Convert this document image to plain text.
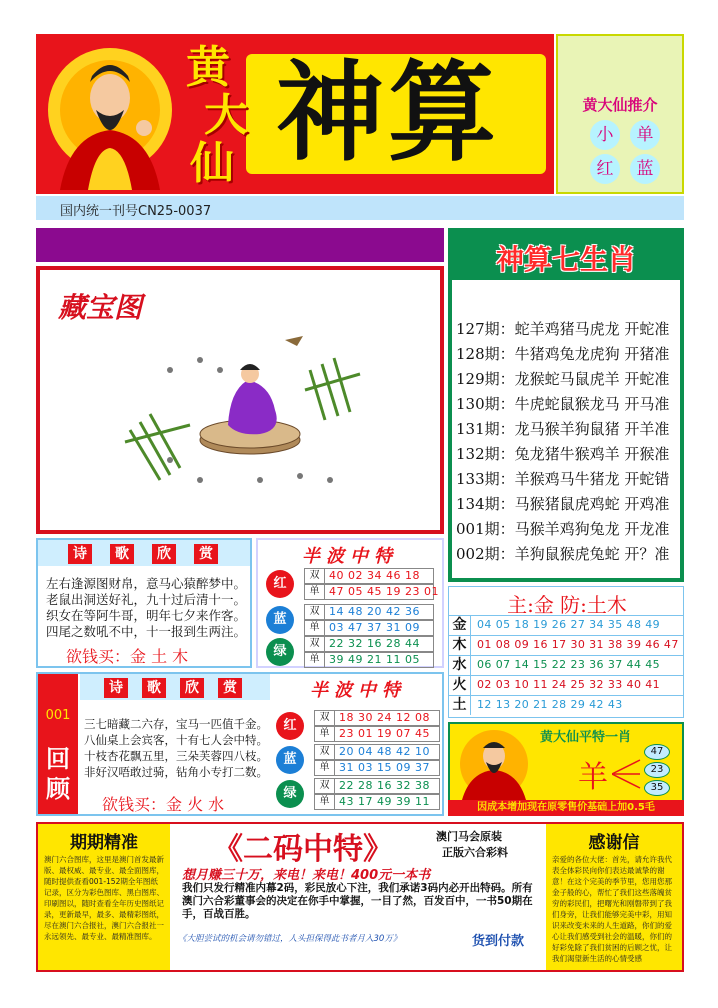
黄
大
仙 神算	黄大仙推介
小	单
红	蓝
国内统一刊号CN25-0037
藏宝图
神算七生肖
127期：蛇羊鸡猪马虎龙 开蛇准
128期：牛猪鸡兔龙虎狗 开猪准
129期：龙猴蛇马鼠虎羊 开蛇准
130期：牛虎蛇鼠猴龙马 开马准
131期：龙马猴羊狗鼠猪 开羊准
132期：兔龙猪牛猴鸡羊 开猴准
133期：羊猴鸡马牛猪龙 开蛇错
134期：马猴猪鼠虎鸡蛇 开鸡准
001期：马猴羊鸡狗兔龙 开龙准
002期：羊狗鼠猴虎兔蛇 开？准
诗	歌	欣	赏
左右逢源图财帛，意马心猿醉梦中。
老鼠出洞送好礼，九十过后清十一。
织女在等阿牛哥，明年七夕来作客。
四尾之数吼不中，十一报到生两注。
欲钱买：金 土 木
半波中特
红
双 40 02 34 46 18
单 47 05 45 19 23 01
蓝
双 14 48 20 42 36
单 03 47 37 31 09
绿
双 22 32 16 28 44
单 39 49 21 11 05
主:金 防:土木
金 04 05 18 19 26 27 34 35 48 49
木 01 08 09 16 17 30 31 38 39 46 47
水 06 07 14 15 22 23 36 37 44 45
火 02 03 10 11 24 25 32 33 40 41
土 12 13 20 21 28 29 42 43
001
回顾
诗	歌	欣	赏
三七暗藏二六存，宝马一匹值千金。
八仙桌上会宾客，十有七人会中特。
十枝杏花飘五里，三朵芙蓉四八枝。
非好汉唔敢过骑，钻角小专打二数。
欲钱买：金 火 水
半波中特
红
双 18 30 24 12 08
单 23 01 19 07 45
蓝
双 20 04 48 42 10
单 31 03 15 09 37
绿
双 22 28 16 32 38
单 43 17 49 39 11
黄大仙平特一肖
羊
47
23
35
因成本增加现在原零售价基础上加0.5毛
期期精准
澳门六合图库，这里是澳门首发最新版、最权威、最专业、最全面图库，随时提供查看001-152期全年图纸记录，区分为彩色图库、黑白图库、印刷图以，随时查看全年历史图纸记录，更新最早，最多、最精彩图纸，尽在澳门六合报社，澳门六合报社一永远领先、最专业、最精准图库。
《二码中特》	澳门马会原装
正版六合彩料
想月赚三十万，来电！来电！400元一本书
我们只发行精准内幕2码，彩民放心下注，我们承诺3码内必开出特码。所有澳门六合彩董事会的决定在你手中掌握，一目了然，百发百中，一书50期在手，百战百胜。
《大胆尝试的机会请勿错过，人头担保得此书者月入30万》	货到付款
感谢信
亲爱的各位大佬：首先，请允许我代表全体彩民向你们表达最诚挚的谢意！在这个完美的季节里，您用您那金子般的心，帮忙了我们这些落魄贫穷的彩民们，把曙光和刚磐带到了我们身旁，让我们能够完美中彩，用知识来改变未来的人生道路，你们的爱心让我们感受到社会的温暖，你们的好彩免除了我们贫困的后顾之忧，让我们渴望新生活的心情受感
